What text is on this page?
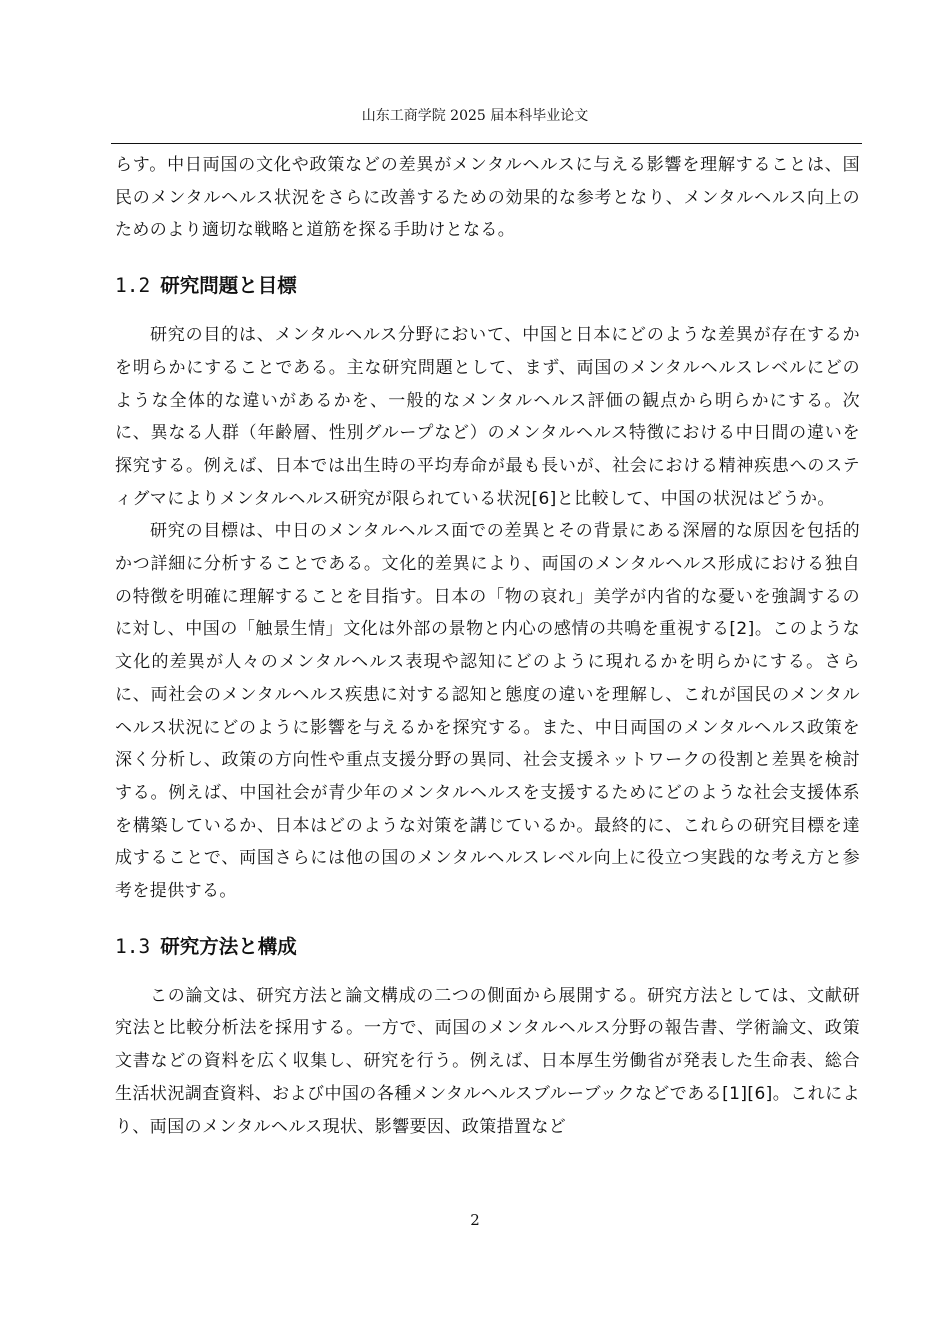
山东工商学院 2025 届本科毕业论文

らす。中日両国の文化や政策などの差異がメンタルヘルスに与える影響を理解することは、国民のメンタルヘルス状況をさらに改善するための効果的な参考となり、メンタルヘルス向上のためのより適切な戦略と道筋を探る手助けとなる。

1.2 研究問題と目標

研究の目的は、メンタルヘルス分野において、中国と日本にどのような差異が存在するかを明らかにすることである。主な研究問題として、まず、両国のメンタルヘルスレベルにどのような全体的な違いがあるかを、一般的なメンタルヘルス評価の観点から明らかにする。次に、異なる人群（年齢層、性別グループなど）のメンタルヘルス特徴における中日間の違いを探究する。例えば、日本では出生時の平均寿命が最も長いが、社会における精神疾患へのスティグマによりメンタルヘルス研究が限られている状況[6]と比較して、中国の状況はどうか。

研究の目標は、中日のメンタルヘルス面での差異とその背景にある深層的な原因を包括的かつ詳細に分析することである。文化的差異により、両国のメンタルヘルス形成における独自の特徴を明確に理解することを目指す。日本の「物の哀れ」美学が内省的な憂いを強調するのに対し、中国の「触景生情」文化は外部の景物と内心の感情の共鳴を重視する[2]。このような文化的差異が人々のメンタルヘルス表現や認知にどのように現れるかを明らかにする。さらに、両社会のメンタルヘルス疾患に対する認知と態度の違いを理解し、これが国民のメンタルヘルス状況にどのように影響を与えるかを探究する。また、中日両国のメンタルヘルス政策を深く分析し、政策の方向性や重点支援分野の異同、社会支援ネットワークの役割と差異を検討する。例えば、中国社会が青少年のメンタルヘルスを支援するためにどのような社会支援体系を構築しているか、日本はどのような対策を講じているか。最終的に、これらの研究目標を達成することで、両国さらには他の国のメンタルヘルスレベル向上に役立つ実践的な考え方と参考を提供する。

1.3 研究方法と構成

この論文は、研究方法と論文構成の二つの側面から展開する。研究方法としては、文献研究法と比較分析法を採用する。一方で、両国のメンタルヘルス分野の報告書、学術論文、政策文書などの資料を広く収集し、研究を行う。例えば、日本厚生労働省が発表した生命表、総合生活状況調査資料、および中国の各種メンタルヘルスブルーブックなどである[1][6]。これにより、両国のメンタルヘルス現状、影響要因、政策措置など

2
